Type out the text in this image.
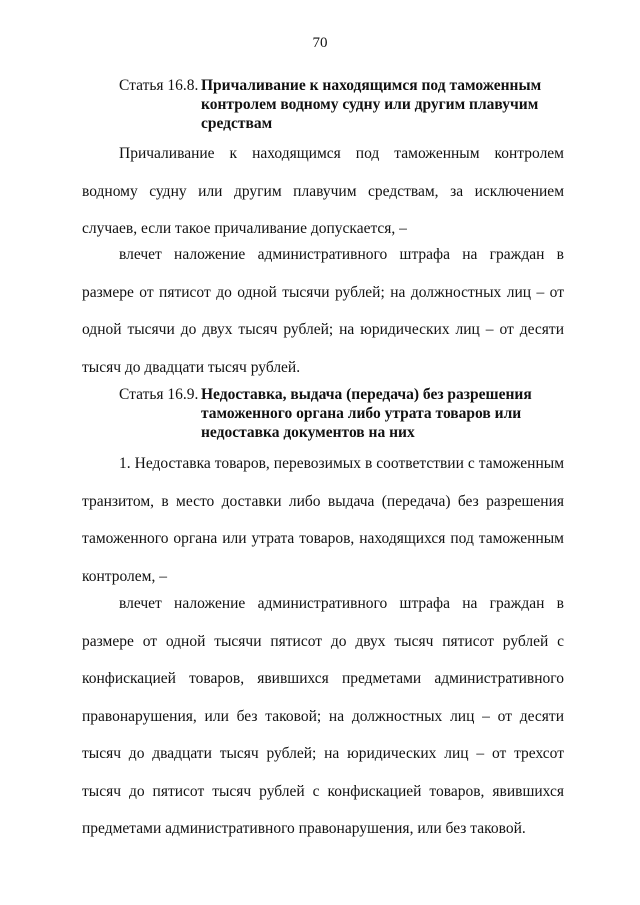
70
Статья 16.8. Причаливание к находящимся под таможенным контролем водному судну или другим плавучим средствам

Причаливание к находящимся под таможенным контролем водному судну или другим плавучим средствам, за исключением случаев, если такое причаливание допускается, –

влечет наложение административного штрафа на граждан в размере от пятисот до одной тысячи рублей; на должностных лиц – от одной тысячи до двух тысяч рублей; на юридических лиц – от десяти тысяч до двадцати тысяч рублей.

Статья 16.9. Недоставка, выдача (передача) без разрешения таможенного органа либо утрата товаров или недоставка документов на них

1. Недоставка товаров, перевозимых в соответствии с таможенным транзитом, в место доставки либо выдача (передача) без разрешения таможенного органа или утрата товаров, находящихся под таможенным контролем, –

влечет наложение административного штрафа на граждан в размере от одной тысячи пятисот до двух тысяч пятисот рублей с конфискацией товаров, явившихся предметами административного правонарушения, или без таковой; на должностных лиц – от десяти тысяч до двадцати тысяч рублей; на юридических лиц – от трехсот тысяч до пятисот тысяч рублей с конфискацией товаров, явившихся предметами административного правонарушения, или без таковой.
